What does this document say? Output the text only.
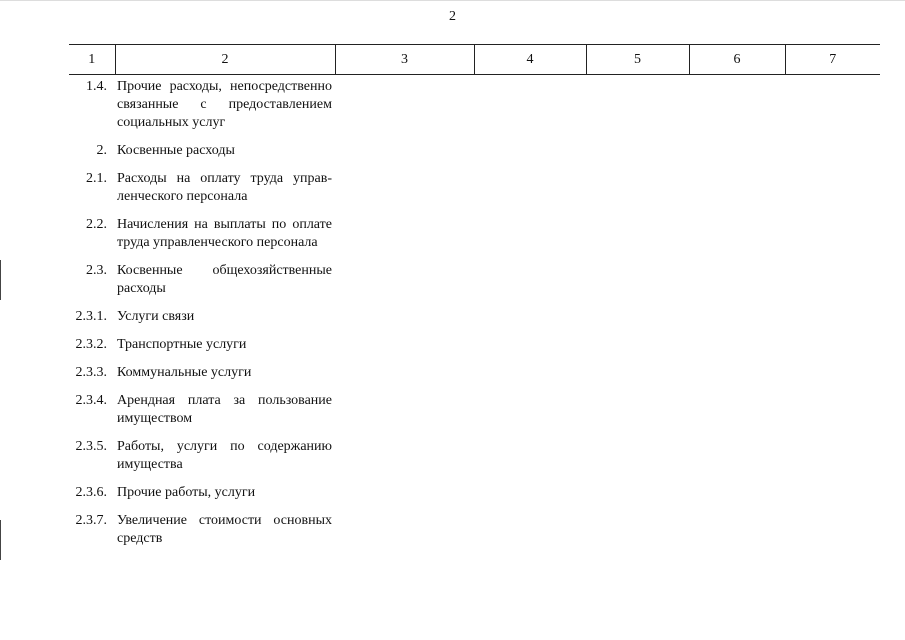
2
1	2	3	4	5	6	7
1.4. Прочие расходы, непосредственно связанные с предоставлением социальных услуг
2. Косвенные расходы
2.1. Расходы на оплату труда управленческого персонала
2.2. Начисления на выплаты по оплате труда управленческого персонала
2.3. Косвенные общехозяйственные расходы
2.3.1. Услуги связи
2.3.2. Транспортные услуги
2.3.3. Коммунальные услуги
2.3.4. Арендная плата за пользование имуществом
2.3.5. Работы, услуги по содержанию имущества
2.3.6. Прочие работы, услуги
2.3.7. Увеличение стоимости основных средств
